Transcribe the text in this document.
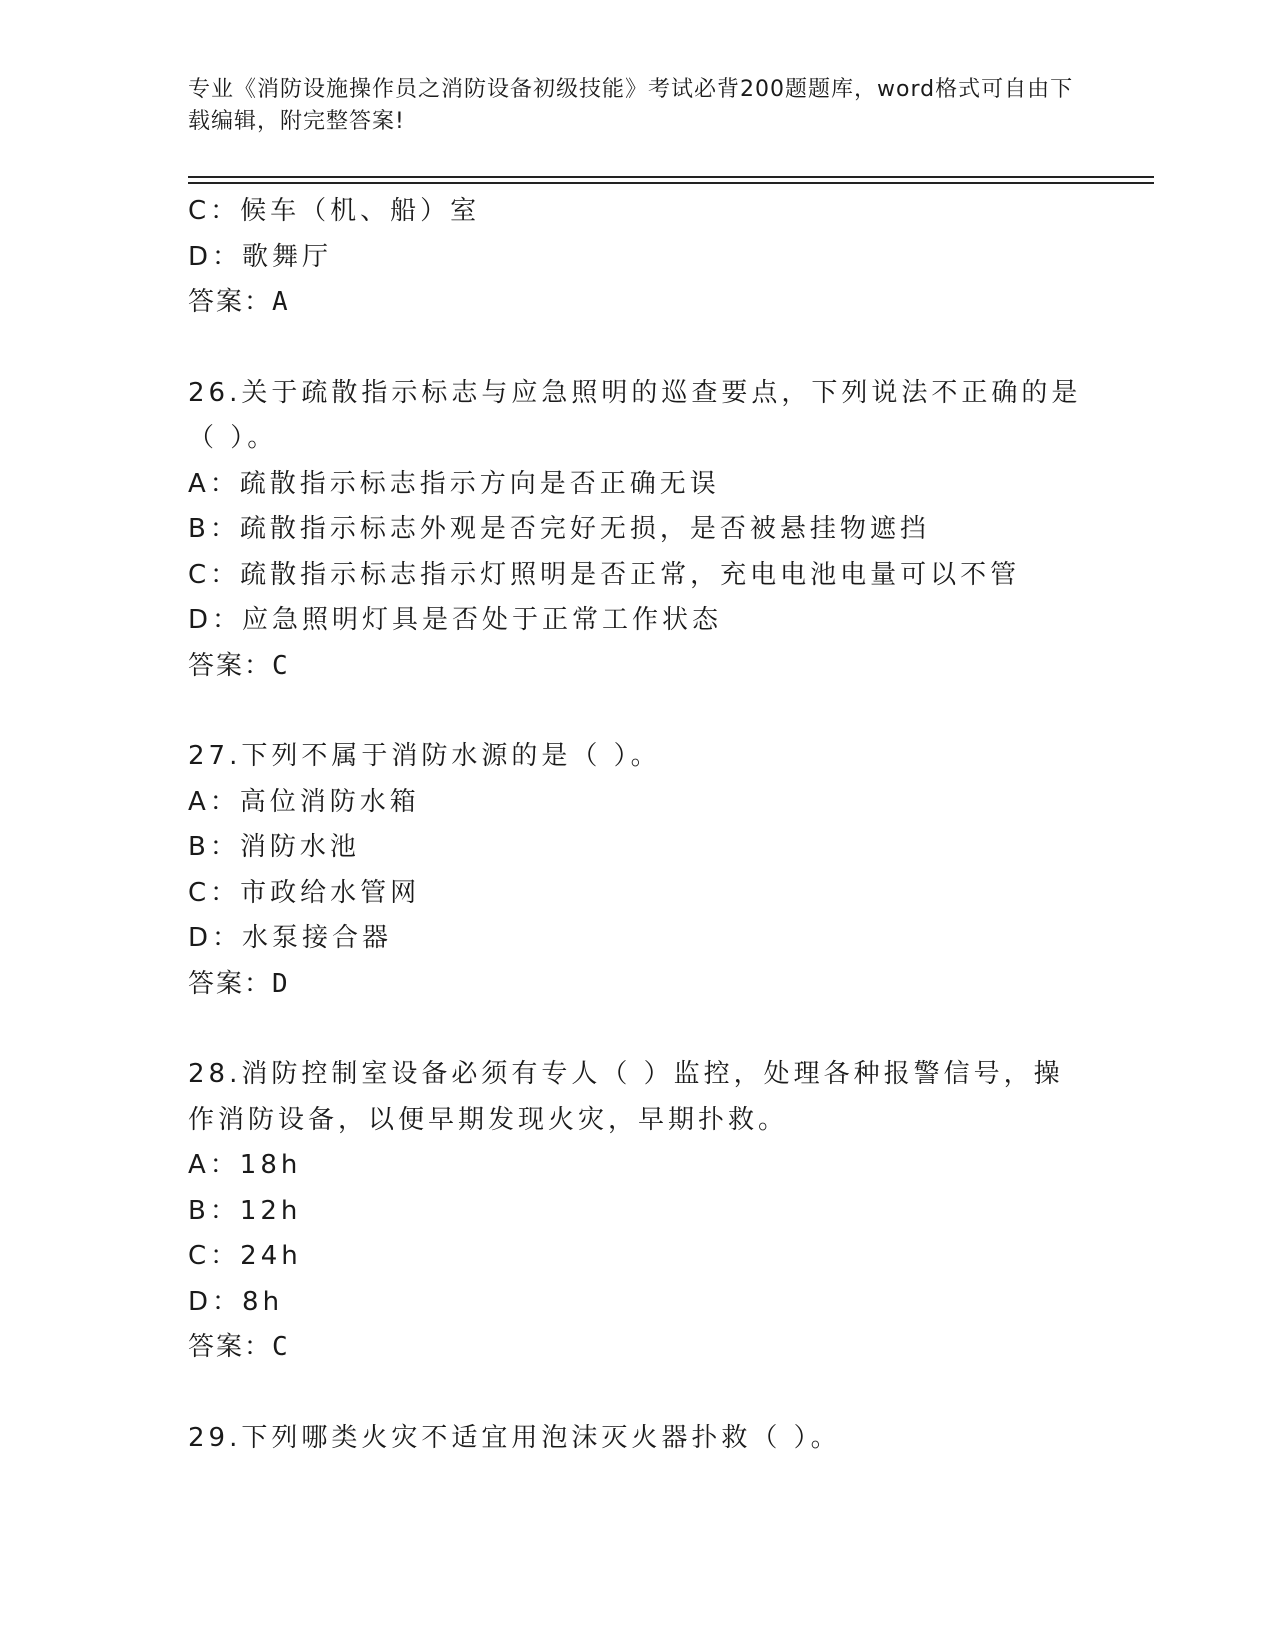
专业《消防设施操作员之消防设备初级技能》考试必背200题题库，word格式可自由下载编辑，附完整答案!
C：候车（机、船）室
D：歌舞厅
答案：A
26.关于疏散指示标志与应急照明的巡查要点，下列说法不正确的是（ ）。
A：疏散指示标志指示方向是否正确无误
B：疏散指示标志外观是否完好无损，是否被悬挂物遮挡
C：疏散指示标志指示灯照明是否正常，充电电池电量可以不管
D：应急照明灯具是否处于正常工作状态
答案：C
27.下列不属于消防水源的是（ ）。
A：高位消防水箱
B：消防水池
C：市政给水管网
D：水泵接合器
答案：D
28.消防控制室设备必须有专人（ ）监控，处理各种报警信号，操作消防设备，以便早期发现火灾，早期扑救。
A：18h
B：12h
C：24h
D：8h
答案：C
29.下列哪类火灾不适宜用泡沫灭火器扑救（ ）。
